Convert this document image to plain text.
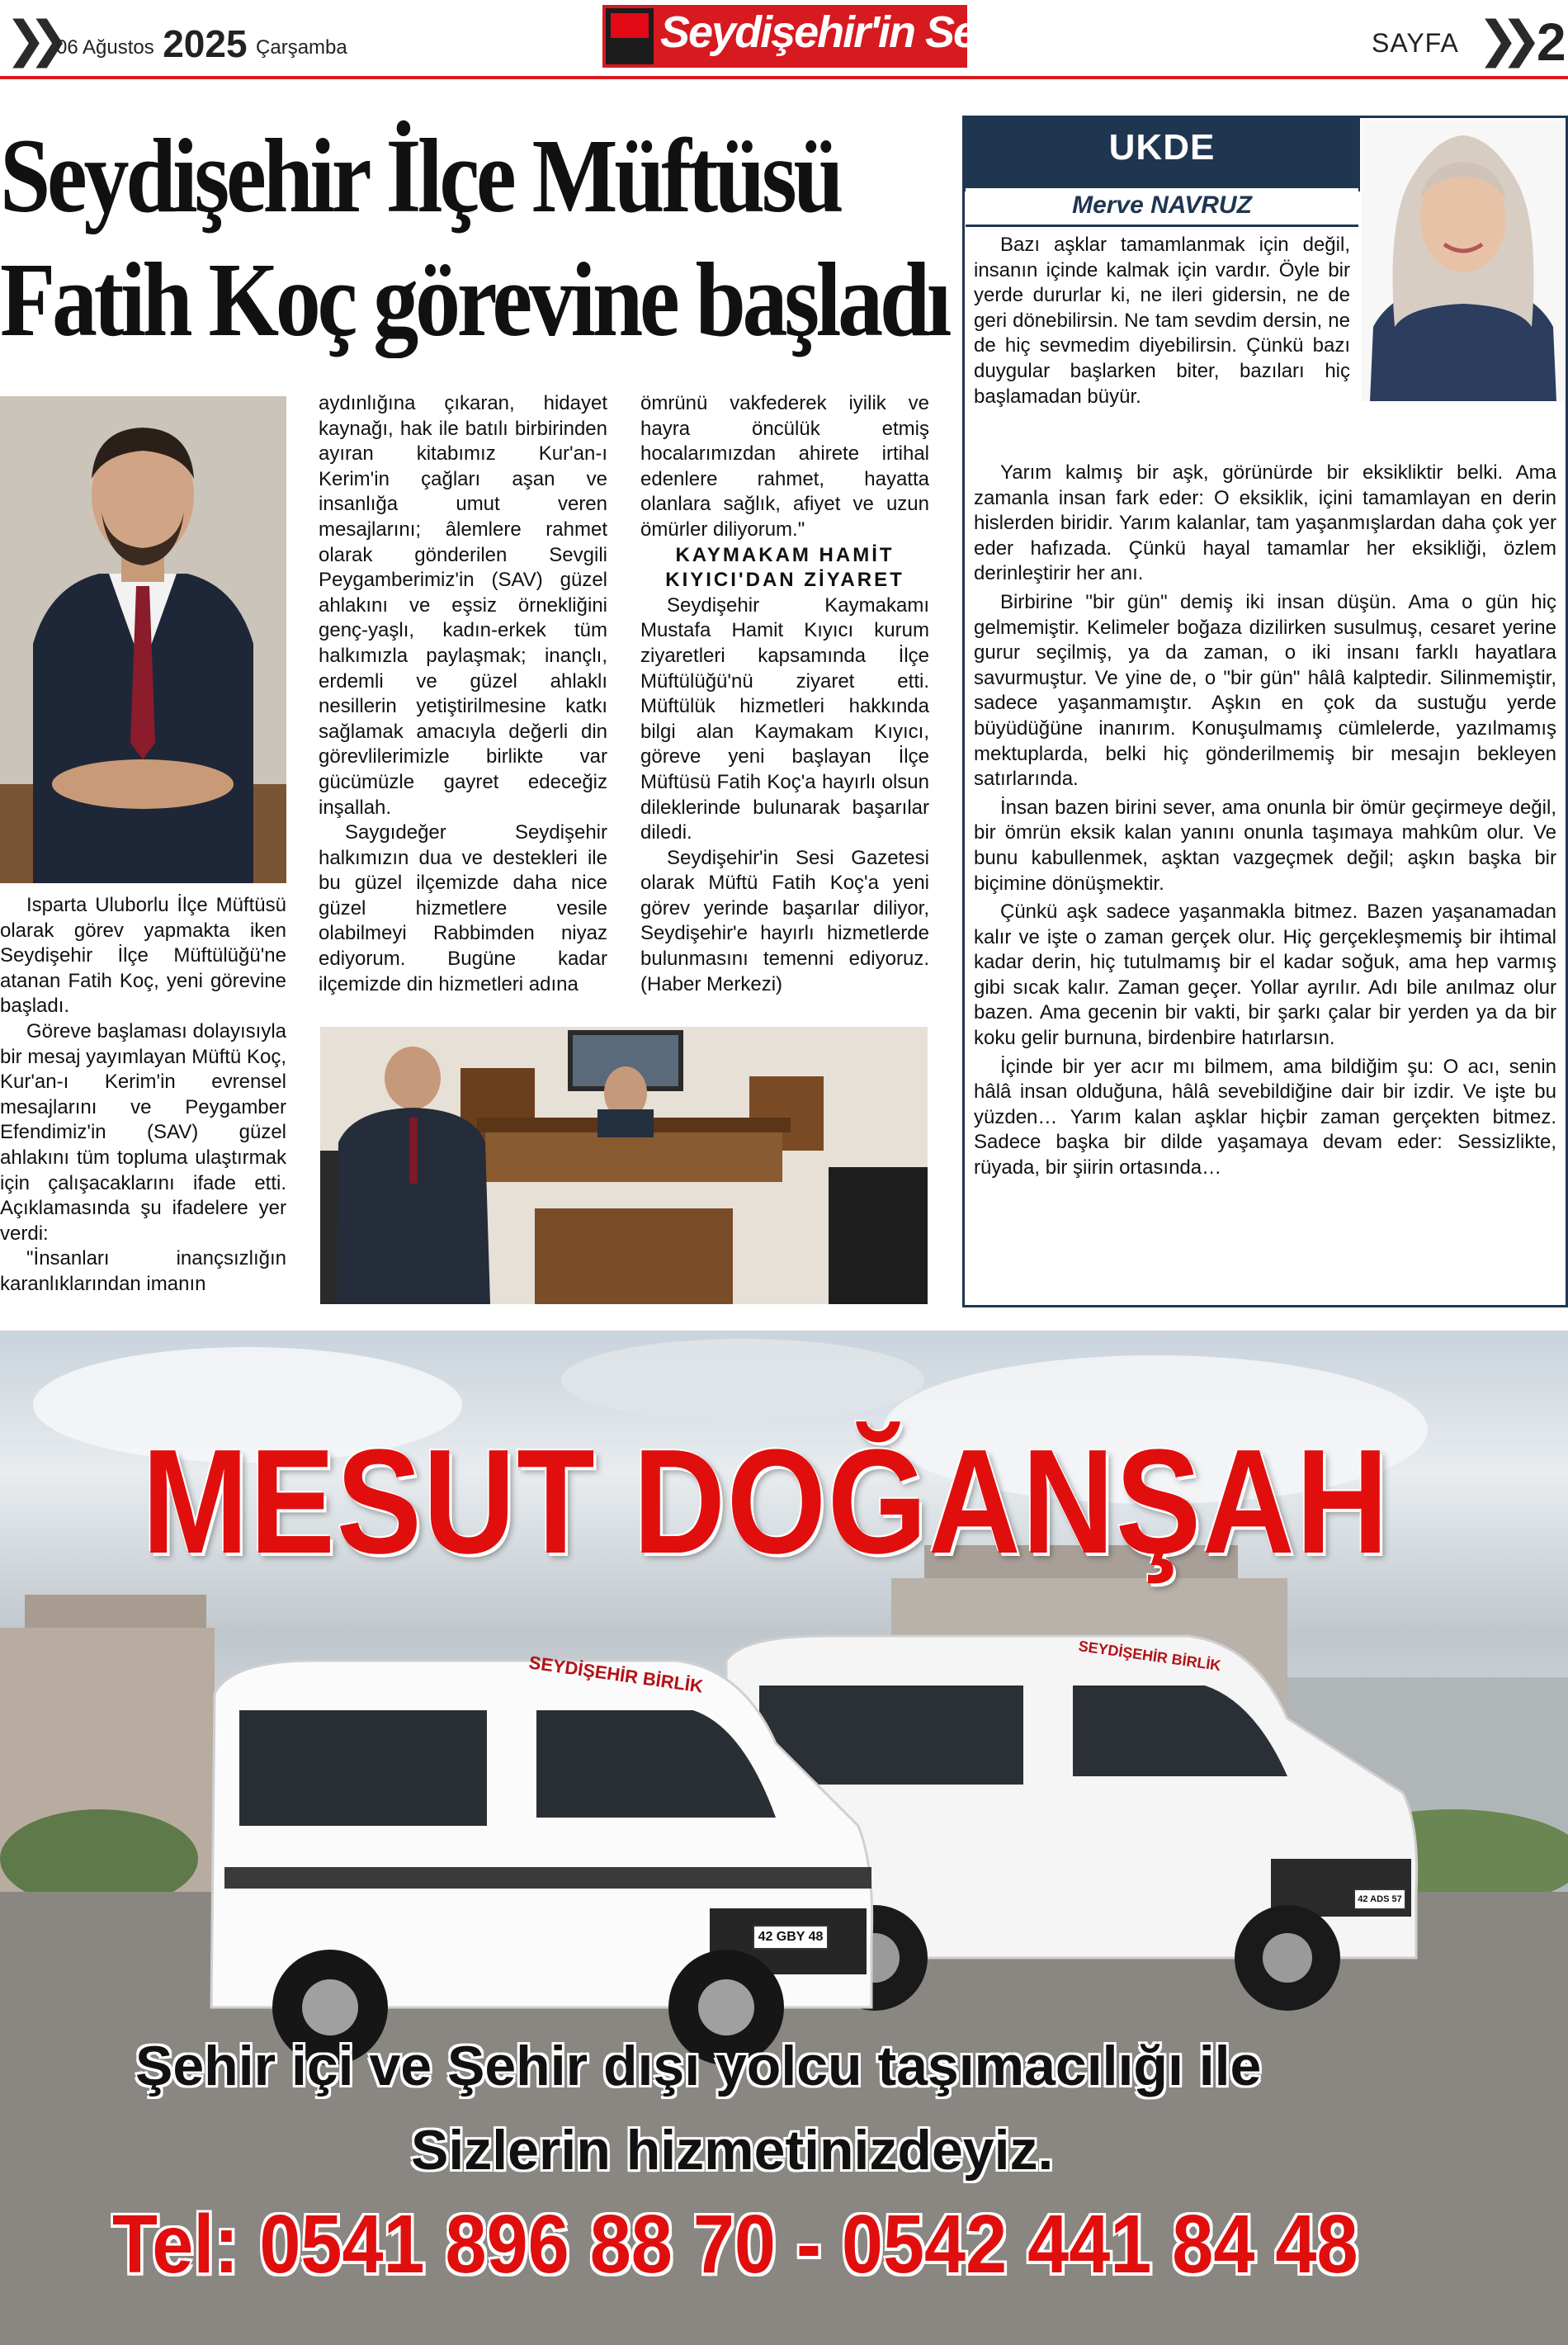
❯❯ 06 Ağustos 2025 Çarşamba	Seydişehir'in Sesi	SAYFA ❯❯ 2
Seydişehir İlçe Müftüsü
Fatih Koç görevine başladı

Isparta Uluborlu İlçe Müftüsü olarak görev yapmakta iken Seydişehir İlçe Müftülüğü'ne atanan Fatih Koç, yeni görevine başladı.

Göreve başlaması dolayısıyla bir mesaj yayımlayan Müftü Koç, Kur'an-ı Kerim'in evrensel mesajlarını ve Peygamber Efendimiz'in (SAV) güzel ahlakını tüm topluma ulaştırmak için çalışacaklarını ifade etti. Açıklamasında şu ifadelere yer verdi:

"İnsanları inançsızlığın karanlıklarından imanın

aydınlığına çıkaran, hidayet kaynağı, hak ile batılı birbirinden ayıran kitabımız Kur'an-ı Kerim'in çağları aşan ve insanlığa umut veren mesajlarını; âlemlere rahmet olarak gönderilen Sevgili Peygamberimiz'in (SAV) güzel ahlakını ve eşsiz örnekliğini genç-yaşlı, kadın-erkek tüm halkımızla paylaşmak; inançlı, erdemli ve güzel ahlaklı nesillerin yetiştirilmesine katkı sağlamak amacıyla değerli din görevlilerimizle birlikte var gücümüzle gayret edeceğiz inşallah.

Saygıdeğer Seydişehir halkımızın dua ve destekleri ile bu güzel ilçemizde daha nice güzel hizmetlere vesile olabilmeyi Rabbimden niyaz ediyorum. Bugüne kadar ilçemizde din hizmetleri adına

ömrünü vakfederek iyilik ve hayra öncülük etmiş hocalarımızdan ahirete irtihal edenlere rahmet, hayatta olanlara sağlık, afiyet ve uzun ömürler diliyorum."

KAYMAKAM HAMİT
KIYICI'DAN ZİYARET

Seydişehir Kaymakamı Mustafa Hamit Kıyıcı kurum ziyaretleri kapsamında İlçe Müftülüğü'nü ziyaret etti. Müftülük hizmetleri hakkında bilgi alan Kaymakam Kıyıcı, göreve yeni başlayan İlçe Müftüsü Fatih Koç'a hayırlı olsun dileklerinde bulunarak başarılar diledi.

Seydişehir'in Sesi Gazetesi olarak Müftü Fatih Koç'a yeni görev yerinde başarılar diliyor, Seydişehir'e hayırlı hizmetlerde bulunmasını temenni ediyoruz. (Haber Merkezi)

UKDE
Merve NAVRUZ

Bazı aşklar tamamlanmak için değil, insanın içinde kalmak için vardır. Öyle bir yerde dururlar ki, ne ileri gidersin, ne de geri dönebilirsin. Ne tam sevdim dersin, ne de hiç sevmedim diyebilirsin. Çünkü bazı duygular başlarken biter, bazıları hiç başlamadan büyür.

Yarım kalmış bir aşk, görünürde bir eksikliktir belki. Ama zamanla insan fark eder: O eksiklik, içini tamamlayan en derin hislerden biridir. Yarım kalanlar, tam yaşanmışlardan daha çok yer eder hafızada. Çünkü hayal tamamlar her eksikliği, özlem derinleştirir her anı.

Birbirine "bir gün" demiş iki insan düşün. Ama o gün hiç gelmemiştir. Kelimeler boğaza dizilirken susulmuş, cesaret yerine gurur seçilmiş, ya da zaman, o iki insanı farklı hayatlara savurmuştur. Ve yine de, o "bir gün" hâlâ kalptedir. Silinmemiştir, sadece yaşanmamıştır. Aşkın en çok da sustuğu yerde büyüdüğüne inanırım. Konuşulmamış cümlelerde, yazılmamış mektuplarda, belki hiç gönderilmemiş bir mesajın bekleyen satırlarında.

İnsan bazen birini sever, ama onunla bir ömür geçirmeye değil, bir ömrün eksik kalan yanını onunla taşımaya mahkûm olur. Ve bunu kabullenmek, aşktan vazgeçmek değil; aşkın başka bir biçimine dönüşmektir.

Çünkü aşk sadece yaşanmakla bitmez. Bazen yaşanamadan kalır ve işte o zaman gerçek olur. Hiç gerçekleşmemiş bir ihtimal kadar derin, hiç tutulmamış bir el kadar soğuk, ama hep varmış gibi sıcak kalır. Zaman geçer. Yollar ayrılır. Adı bile anılmaz olur bazen. Ama gecenin bir vakti, bir şarkı çalar bir yerden ya da bir koku gelir burnuna, birdenbire hatırlarsın.

İçinde bir yer acır mı bilmem, ama bildiğim şu: O acı, senin hâlâ insan olduğuna, hâlâ sevebildiğine dair bir izdir. Ve işte bu yüzden… Yarım kalan aşklar hiçbir zaman gerçekten bitmez. Sadece başka bir dilde yaşamaya devam eder: Sessizlikte, rüyada, bir şiirin ortasında…

MESUT DOĞANŞAH
SEYDİŞEHİR BİRLİK	SEYDİŞEHİR BİRLİK
42 GBY 48
42 ADS 57
Şehir içi ve Şehir dışı yolcu taşımacılığı ile
Sizlerin hizmetinizdeyiz.
Tel: 0541 896 88 70 - 0542 441 84 48
